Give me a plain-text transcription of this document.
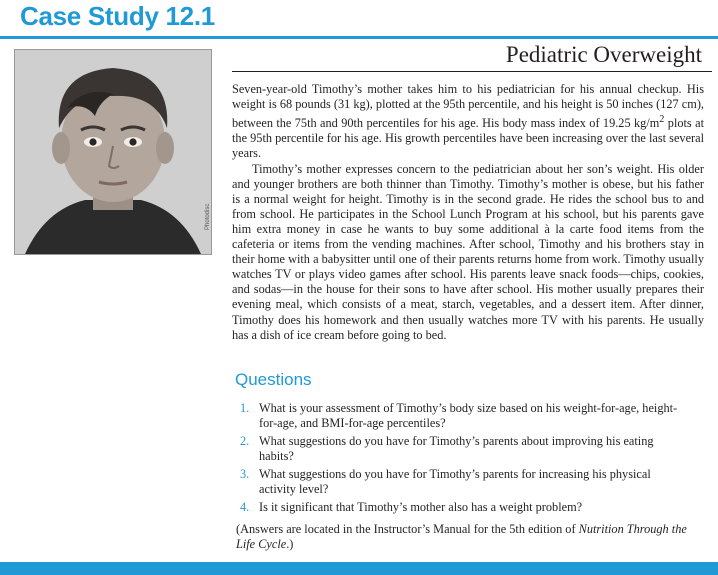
Case Study 12.1
Pediatric Overweight
Photodisc

Seven-year-old Timothy’s mother takes him to his pediatrician for his annual checkup. His weight is 68 pounds (31 kg), plotted at the 95th percentile, and his height is 50 inches (127 cm), between the 75th and 90th percentiles for his age. His body mass index of 19.25 $kg/m^2$ plots at the 95th percentile for his age. His growth percentiles have been increasing over the last several years.

Timothy’s mother expresses concern to the pediatrician about her son’s weight. His older and younger brothers are both thinner than Timothy. Timothy’s mother is obese, but his father is a normal weight for height. Timothy is in the second grade. He rides the school bus to and from school. He participates in the School Lunch Program at his school, but his parents gave him extra money in case he wants to buy some additional à la carte food items from the cafeteria or items from the vending machines. After school, Timothy and his brothers stay in their home with a babysitter until one of their parents returns home from work. Timothy usually watches TV or plays video games after school. His parents leave snack foods—chips, cookies, and sodas—in the house for their sons to have after school. His mother usually prepares their evening meal, which consists of a meat, starch, vegetables, and a dessert item. After dinner, Timothy does his homework and then usually watches more TV with his parents. He usually has a dish of ice cream before going to bed.

Questions
1. What is your assessment of Timothy’s body size based on his weight-for-age, height-for-age, and BMI-for-age percentiles?
2. What suggestions do you have for Timothy’s parents about improving his eating habits?
3. What suggestions do you have for Timothy’s parents for increasing his physical activity level?
4. Is it significant that Timothy’s mother also has a weight problem?

(Answers are located in the Instructor’s Manual for the 5th edition of Nutrition Through the Life Cycle.)
